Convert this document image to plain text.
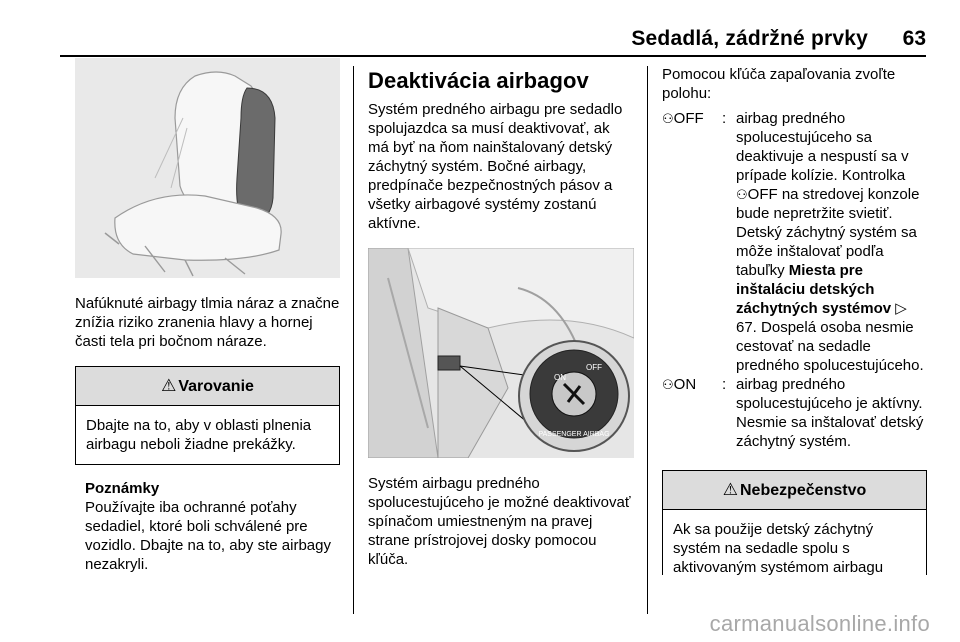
Sedadlá, zádržné prvky 63

Nafúknuté airbagy tlmia náraz a značne znížia riziko zranenia hlavy a hornej časti tela pri bočnom náraze.

⚠ Varovanie
Dbajte na to, aby v oblasti plnenia airbagu neboli žiadne prekážky.
Poznámky

Používajte iba ochranné poťahy sedadiel, ktoré boli schválené pre vozidlo. Dbajte na to, aby ste airbagy nezakryli.

Deaktivácia airbagov

Systém predného airbagu pre sedadlo spolujazdca sa musí deaktivovať, ak má byť na ňom nainštalovaný detský záchytný systém. Bočné airbagy, predpínače bezpečnostných pásov a všetky airbagové systémy zostanú aktívne.

ON
OFF
PASSENGER AIRBAG

Systém airbagu predného spolucestujúceho je možné deaktivovať spínačom umiestneným na pravej strane prístrojovej dosky pomocou kľúča.

Pomocou kľúča zapaľovania zvoľte polohu:

⚇OFF	: airbag predného spolucestujúceho sa deaktivuje a nespustí sa v prípade kolízie. Kontrolka ⚇OFF na stredovej konzole bude nepretržite svietiť. Detský záchytný systém sa môže inštalovať podľa tabuľky Miesta pre inštaláciu detských záchytných systémov ▷ 67. Dospelá osoba nesmie cestovať na sedadle predného spolucestujúceho.
⚇ON	: airbag predného spolucestujúceho je aktívny. Nesmie sa inštalovať detský záchytný systém.
⚠ Nebezpečenstvo
Ak sa použije detský záchytný systém na sedadle spolu s aktivovaným systémom airbagu
carmanualsonline.info
